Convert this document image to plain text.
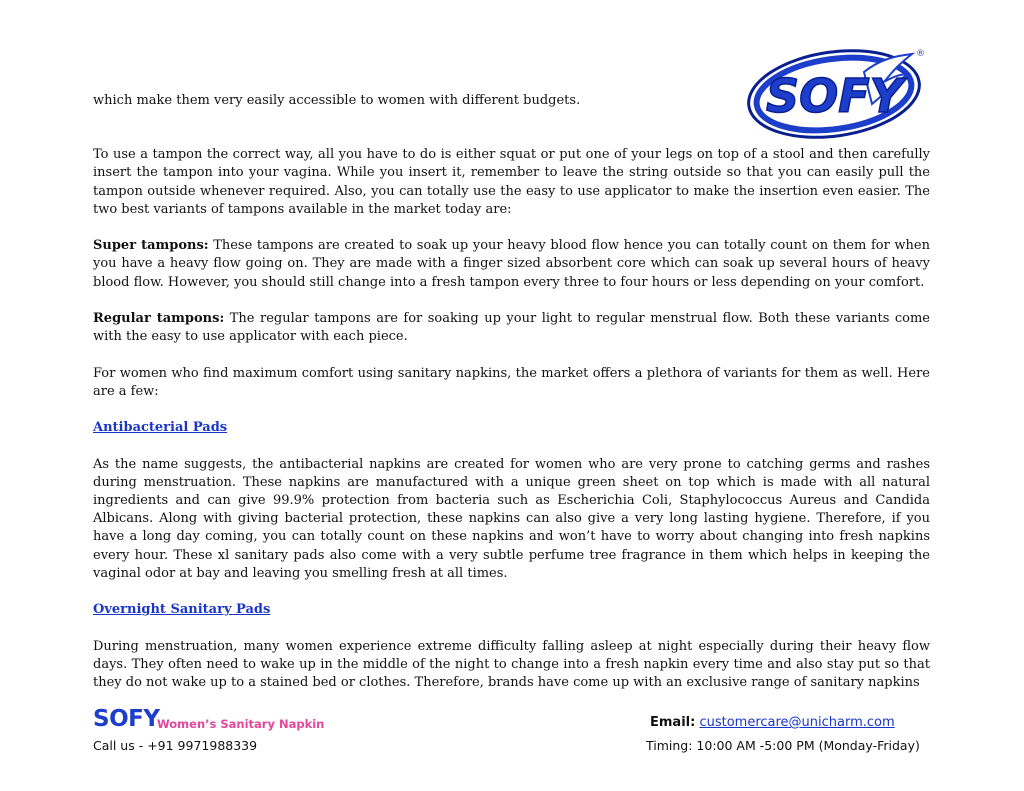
SOFY
®

which make them very easily accessible to women with different budgets.

To use a tampon the correct way, all you have to do is either squat or put one of your legs on top of a stool and then carefully insert the tampon into your vagina. While you insert it, remember to leave the string outside so that you can easily pull the tampon outside whenever required. Also, you can totally use the easy to use applicator to make the insertion even easier. The two best variants of tampons available in the market today are:

Super tampons: These tampons are created to soak up your heavy blood flow hence you can totally count on them for when you have a heavy flow going on. They are made with a finger sized absorbent core which can soak up several hours of heavy blood flow. However, you should still change into a fresh tampon every three to four hours or less depending on your comfort.

Regular tampons: The regular tampons are for soaking up your light to regular menstrual flow. Both these variants come with the easy to use applicator with each piece.

For women who find maximum comfort using sanitary napkins, the market offers a plethora of variants for them as well. Here are a few:

Antibacterial Pads

As the name suggests, the antibacterial napkins are created for women who are very prone to catching germs and rashes during menstruation. These napkins are manufactured with a unique green sheet on top which is made with all natural ingredients and can give 99.9% protection from bacteria such as Escherichia Coli, Staphylococcus Aureus and Candida Albicans. Along with giving bacterial protection, these napkins can also give a very long lasting hygiene. Therefore, if you have a long day coming, you can totally count on these napkins and won’t have to worry about changing into fresh napkins every hour. These xl sanitary pads also come with a very subtle perfume tree fragrance in them which helps in keeping the vaginal odor at bay and leaving you smelling fresh at all times.

Overnight Sanitary Pads

During menstruation, many women experience extreme difficulty falling asleep at night especially during their heavy flow days. They often need to wake up in the middle of the night to change into a fresh napkin every time and also stay put so that they do not wake up to a stained bed or clothes. Therefore, brands have come up with an exclusive range of sanitary napkins

SOFY
Women’s Sanitary Napkin	Email: customercare@unicharm.com
Call us - +91 9971988339	Timing: 10:00 AM -5:00 PM (Monday-Friday)
